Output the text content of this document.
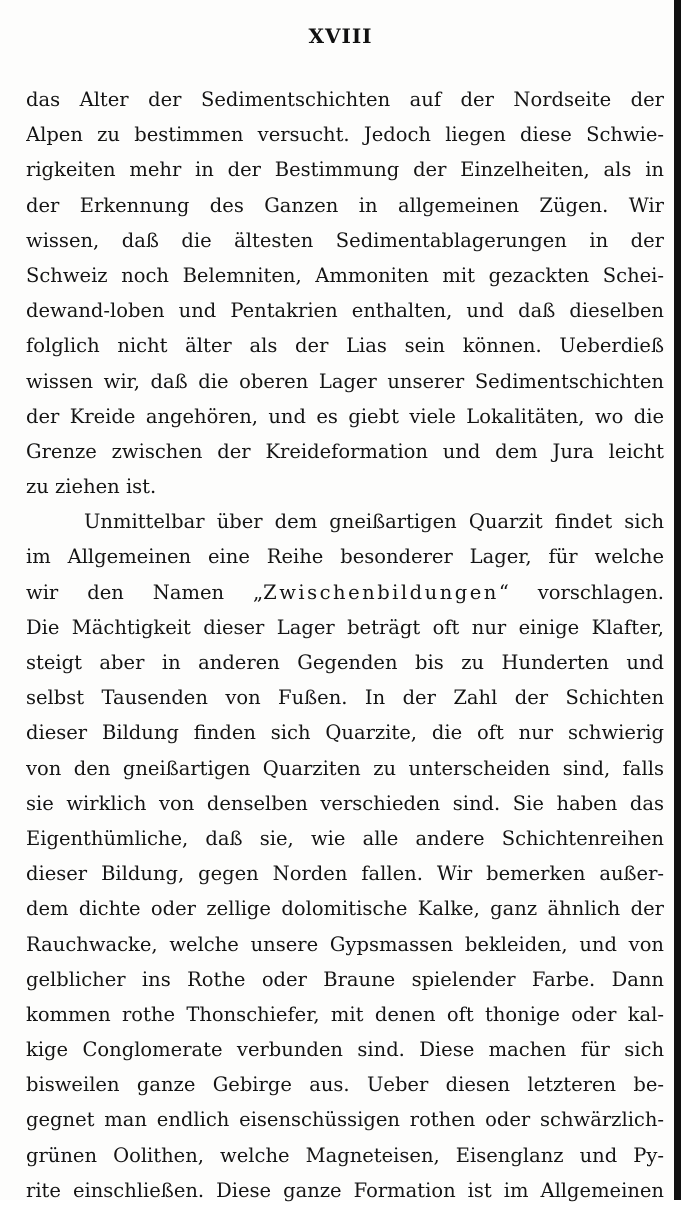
XVIII
das Alter der Sedimentschichten auf der Nordseite der
Alpen zu bestimmen versucht. Jedoch liegen diese Schwie-
rigkeiten mehr in der Bestimmung der Einzelheiten, als in
der Erkennung des Ganzen in allgemeinen Zügen. Wir
wissen, daß die ältesten Sedimentablagerungen in der
Schweiz noch Belemniten, Ammoniten mit gezackten Schei-
dewand-loben und Pentakrien enthalten, und daß dieselben
folglich nicht älter als der Lias sein können. Ueberdieß
wissen wir, daß die oberen Lager unserer Sedimentschichten
der Kreide angehören, und es giebt viele Lokalitäten, wo die
Grenze zwischen der Kreideformation und dem Jura leicht
zu ziehen ist.
Unmittelbar über dem gneißartigen Quarzit findet sich
im Allgemeinen eine Reihe besonderer Lager, für welche
wir den Namen „Zwischenbildungen“ vorschlagen.
Die Mächtigkeit dieser Lager beträgt oft nur einige Klafter,
steigt aber in anderen Gegenden bis zu Hunderten und
selbst Tausenden von Fußen. In der Zahl der Schichten
dieser Bildung finden sich Quarzite, die oft nur schwierig
von den gneißartigen Quarziten zu unterscheiden sind, falls
sie wirklich von denselben verschieden sind. Sie haben das
Eigenthümliche, daß sie, wie alle andere Schichtenreihen
dieser Bildung, gegen Norden fallen. Wir bemerken außer-
dem dichte oder zellige dolomitische Kalke, ganz ähnlich der
Rauchwacke, welche unsere Gypsmassen bekleiden, und von
gelblicher ins Rothe oder Braune spielender Farbe. Dann
kommen rothe Thonschiefer, mit denen oft thonige oder kal-
kige Conglomerate verbunden sind. Diese machen für sich
bisweilen ganze Gebirge aus. Ueber diesen letzteren be-
gegnet man endlich eisenschüssigen rothen oder schwärzlich-
grünen Oolithen, welche Magneteisen, Eisenglanz und Py-
rite einschließen. Diese ganze Formation ist im Allgemeinen
